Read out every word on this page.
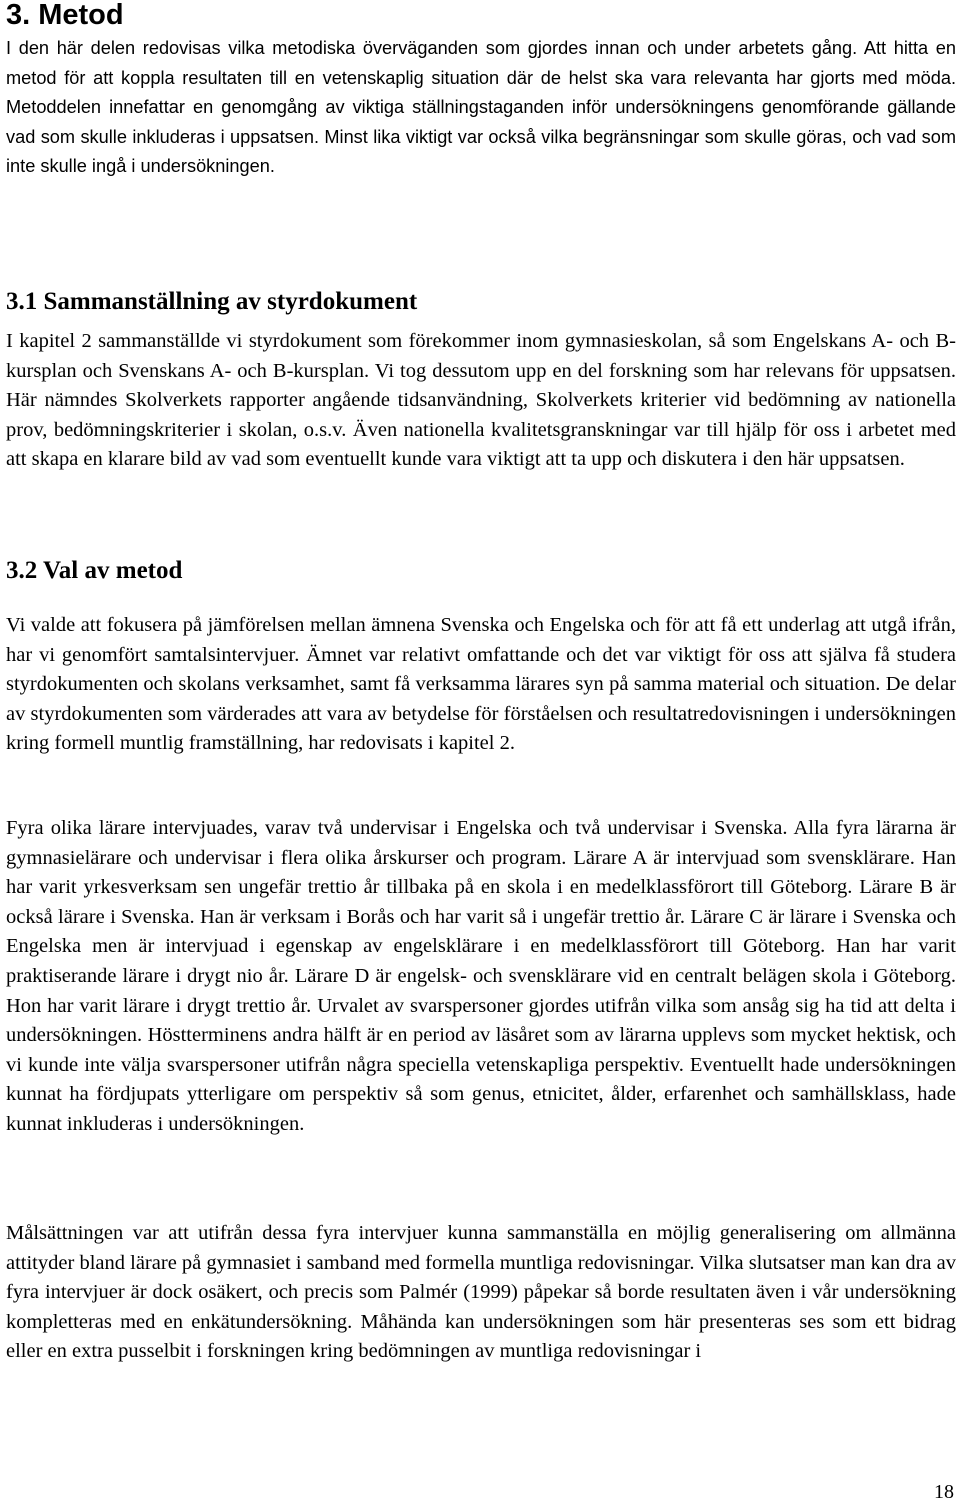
3. Metod

I den här delen redovisas vilka metodiska överväganden som gjordes innan och under arbetets gång. Att hitta en metod för att koppla resultaten till en vetenskaplig situation där de helst ska vara relevanta har gjorts med möda. Metoddelen innefattar en genomgång av viktiga ställningstaganden inför undersökningens genomförande gällande vad som skulle inkluderas i uppsatsen. Minst lika viktigt var också vilka begränsningar som skulle göras, och vad som inte skulle ingå i undersökningen.

3.1 Sammanställning av styrdokument

I kapitel 2 sammanställde vi styrdokument som förekommer inom gymnasieskolan, så som Engelskans A- och B-kursplan och Svenskans A- och B-kursplan. Vi tog dessutom upp en del forskning som har relevans för uppsatsen. Här nämndes Skolverkets rapporter angående tidsanvändning, Skolverkets kriterier vid bedömning av nationella prov, bedömningskriterier i skolan, o.s.v. Även nationella kvalitetsgranskningar var till hjälp för oss i arbetet med att skapa en klarare bild av vad som eventuellt kunde vara viktigt att ta upp och diskutera i den här uppsatsen.

3.2 Val av metod

Vi valde att fokusera på jämförelsen mellan ämnena Svenska och Engelska och för att få ett underlag att utgå ifrån, har vi genomfört samtalsintervjuer. Ämnet var relativt omfattande och det var viktigt för oss att själva få studera styrdokumenten och skolans verksamhet, samt få verksamma lärares syn på samma material och situation. De delar av styrdokumenten som värderades att vara av betydelse för förståelsen och resultatredovisningen i undersökningen kring formell muntlig framställning, har redovisats i kapitel 2.

Fyra olika lärare intervjuades, varav två undervisar i Engelska och två undervisar i Svenska. Alla fyra lärarna är gymnasielärare och undervisar i flera olika årskurser och program. Lärare A är intervjuad som svensklärare. Han har varit yrkesverksam sen ungefär trettio år tillbaka på en skola i en medelklassförort till Göteborg. Lärare B är också lärare i Svenska. Han är verksam i Borås och har varit så i ungefär trettio år. Lärare C är lärare i Svenska och Engelska men är intervjuad i egenskap av engelsklärare i en medelklassförort till Göteborg. Han har varit praktiserande lärare i drygt nio år. Lärare D är engelsk- och svensklärare vid en centralt belägen skola i Göteborg. Hon har varit lärare i drygt trettio år. Urvalet av svarspersoner gjordes utifrån vilka som ansåg sig ha tid att delta i undersökningen. Höstterminens andra hälft är en period av läsåret som av lärarna upplevs som mycket hektisk, och vi kunde inte välja svarspersoner utifrån några speciella vetenskapliga perspektiv. Eventuellt hade undersökningen kunnat ha fördjupats ytterligare om perspektiv så som genus, etnicitet, ålder, erfarenhet och samhällsklass, hade kunnat inkluderas i undersökningen.

Målsättningen var att utifrån dessa fyra intervjuer kunna sammanställa en möjlig generalisering om allmänna attityder bland lärare på gymnasiet i samband med formella muntliga redovisningar. Vilka slutsatser man kan dra av fyra intervjuer är dock osäkert, och precis som Palmér (1999) påpekar så borde resultaten även i vår undersökning kompletteras med en enkätundersökning. Måhända kan undersökningen som här presenteras ses som ett bidrag eller en extra pusselbit i forskningen kring bedömningen av muntliga redovisningar i

18
